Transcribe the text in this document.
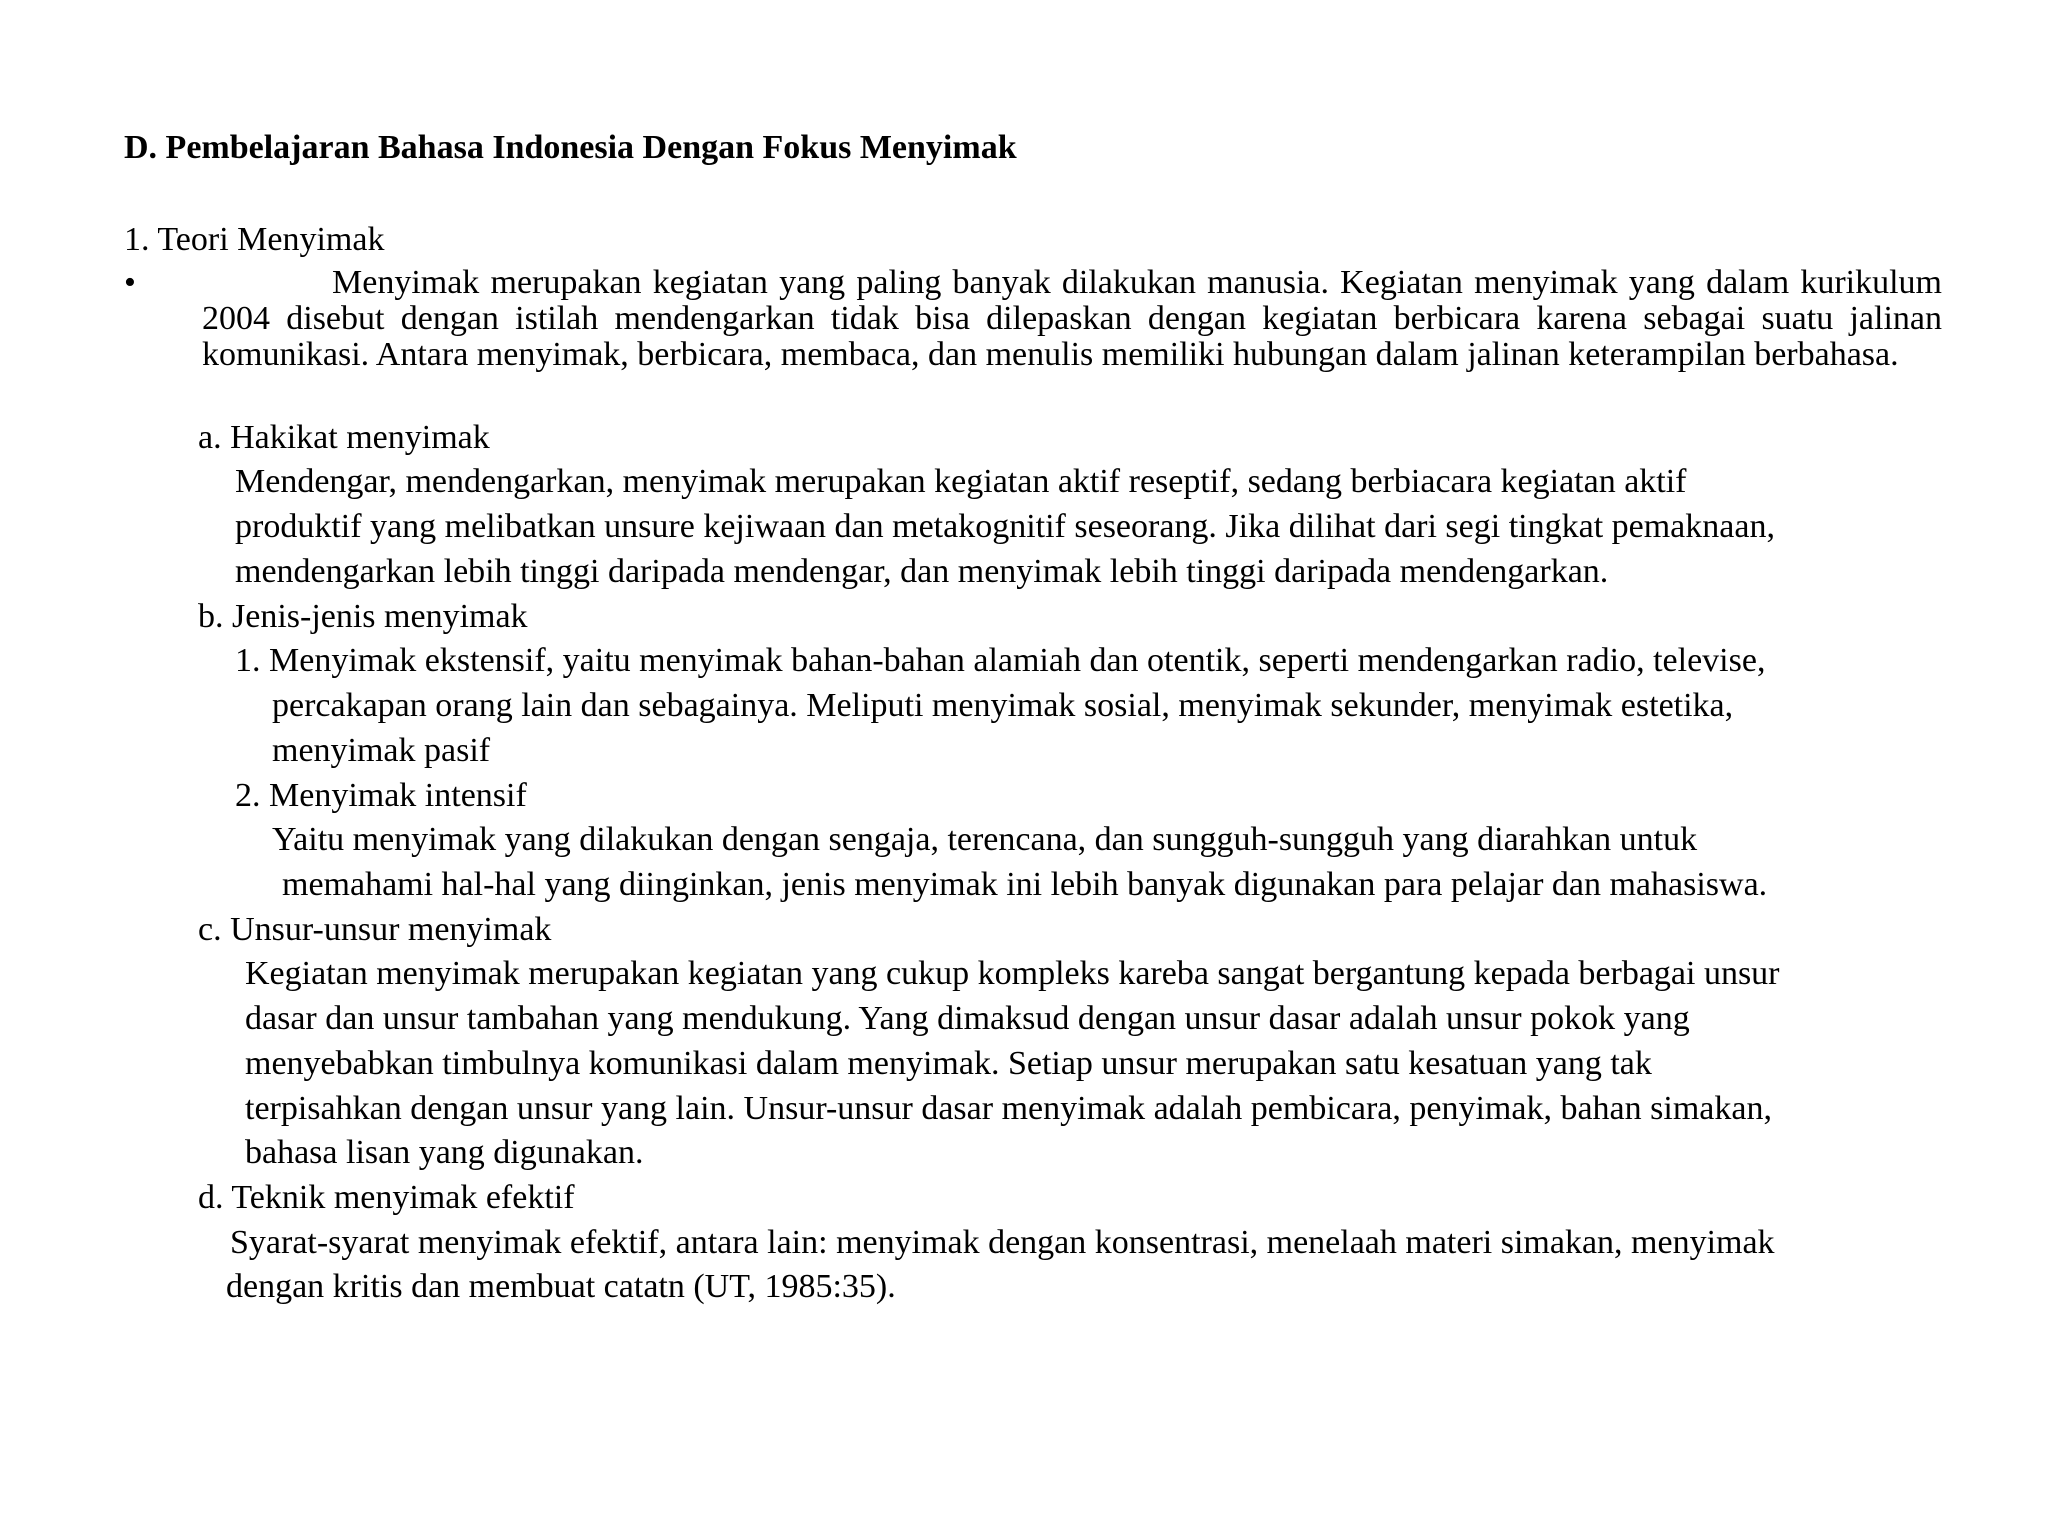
D. Pembelajaran Bahasa Indonesia Dengan Fokus Menyimak
1. Teori Menyimak
•	Menyimak merupakan kegiatan yang paling banyak dilakukan manusia. Kegiatan menyimak yang dalam kurikulum 2004 disebut dengan istilah mendengarkan tidak bisa dilepaskan dengan kegiatan berbicara karena sebagai suatu jalinan komunikasi. Antara menyimak, berbicara, membaca, dan menulis memiliki hubungan dalam jalinan keterampilan berbahasa.

a. Hakikat menyimak
Mendengar, mendengarkan, menyimak merupakan kegiatan aktif reseptif, sedang berbiacara kegiatan aktif
produktif yang melibatkan unsure kejiwaan dan metakognitif seseorang. Jika dilihat dari segi tingkat pemaknaan,
mendengarkan lebih tinggi daripada mendengar, dan menyimak lebih tinggi daripada mendengarkan.
b. Jenis-jenis menyimak
1. Menyimak ekstensif, yaitu menyimak bahan-bahan alamiah dan otentik, seperti mendengarkan radio, televise,
percakapan orang lain dan sebagainya. Meliputi menyimak sosial, menyimak sekunder, menyimak estetika,
menyimak pasif
2. Menyimak intensif
Yaitu menyimak yang dilakukan dengan sengaja, terencana, dan sungguh-sungguh yang diarahkan untuk
memahami hal-hal yang diinginkan, jenis menyimak ini lebih banyak digunakan para pelajar dan mahasiswa.
c. Unsur-unsur menyimak
Kegiatan menyimak merupakan kegiatan yang cukup kompleks kareba sangat bergantung kepada berbagai unsur
dasar dan unsur tambahan yang mendukung. Yang dimaksud dengan unsur dasar adalah unsur pokok yang
menyebabkan timbulnya komunikasi dalam menyimak. Setiap unsur merupakan satu kesatuan yang tak
terpisahkan dengan unsur yang lain. Unsur-unsur dasar menyimak adalah pembicara, penyimak, bahan simakan,
bahasa lisan yang digunakan.
d. Teknik menyimak efektif
Syarat-syarat menyimak efektif, antara lain: menyimak dengan konsentrasi, menelaah materi simakan, menyimak
dengan kritis dan membuat catatn (UT, 1985:35).
